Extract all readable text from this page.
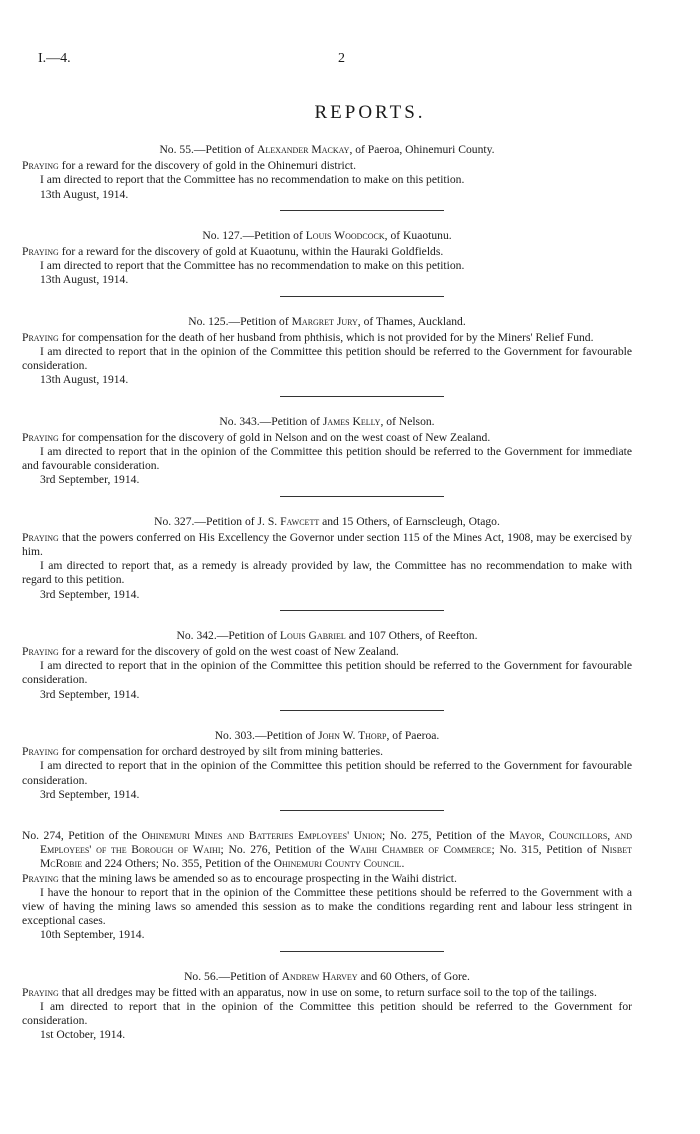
I.—4.	2
REPORTS.
No. 55.—Petition of Alexander Mackay, of Paeroa, Ohinemuri County.

Praying for a reward for the discovery of gold in the Ohinemuri district.

I am directed to report that the Committee has no recommendation to make on this petition.

13th August, 1914.

No. 127.—Petition of Louis Woodcock, of Kuaotunu.

Praying for a reward for the discovery of gold at Kuaotunu, within the Hauraki Goldfields.

I am directed to report that the Committee has no recommendation to make on this petition.

13th August, 1914.

No. 125.—Petition of Margret Jury, of Thames, Auckland.

Praying for compensation for the death of her husband from phthisis, which is not provided for by the Miners' Relief Fund.

I am directed to report that in the opinion of the Committee this petition should be referred to the Government for favourable consideration.

13th August, 1914.

No. 343.—Petition of James Kelly, of Nelson.

Praying for compensation for the discovery of gold in Nelson and on the west coast of New Zealand.

I am directed to report that in the opinion of the Committee this petition should be referred to the Government for immediate and favourable consideration.

3rd September, 1914.

No. 327.—Petition of J. S. Fawcett and 15 Others, of Earnscleugh, Otago.

Praying that the powers conferred on His Excellency the Governor under section 115 of the Mines Act, 1908, may be exercised by him.

I am directed to report that, as a remedy is already provided by law, the Committee has no recommendation to make with regard to this petition.

3rd September, 1914.

No. 342.—Petition of Louis Gabriel and 107 Others, of Reefton.

Praying for a reward for the discovery of gold on the west coast of New Zealand.

I am directed to report that in the opinion of the Committee this petition should be referred to the Government for favourable consideration.

3rd September, 1914.

No. 303.—Petition of John W. Thorp, of Paeroa.

Praying for compensation for orchard destroyed by silt from mining batteries.

I am directed to report that in the opinion of the Committee this petition should be referred to the Government for favourable consideration.

3rd September, 1914.

No. 274, Petition of the Ohinemuri Mines and Batteries Employees' Union; No. 275, Petition of the Mayor, Councillors, and Employees' of the Borough of Waihi; No. 276, Petition of the Waihi Chamber of Commerce; No. 315, Petition of Nisbet McRobie and 224 Others; No. 355, Petition of the Ohinemuri County Council.

Praying that the mining laws be amended so as to encourage prospecting in the Waihi district.

I have the honour to report that in the opinion of the Committee these petitions should be referred to the Government with a view of having the mining laws so amended this session as to make the conditions regarding rent and labour less stringent in exceptional cases.

10th September, 1914.

No. 56.—Petition of Andrew Harvey and 60 Others, of Gore.

Praying that all dredges may be fitted with an apparatus, now in use on some, to return surface soil to the top of the tailings.

I am directed to report that in the opinion of the Committee this petition should be referred to the Government for consideration.

1st October, 1914.
